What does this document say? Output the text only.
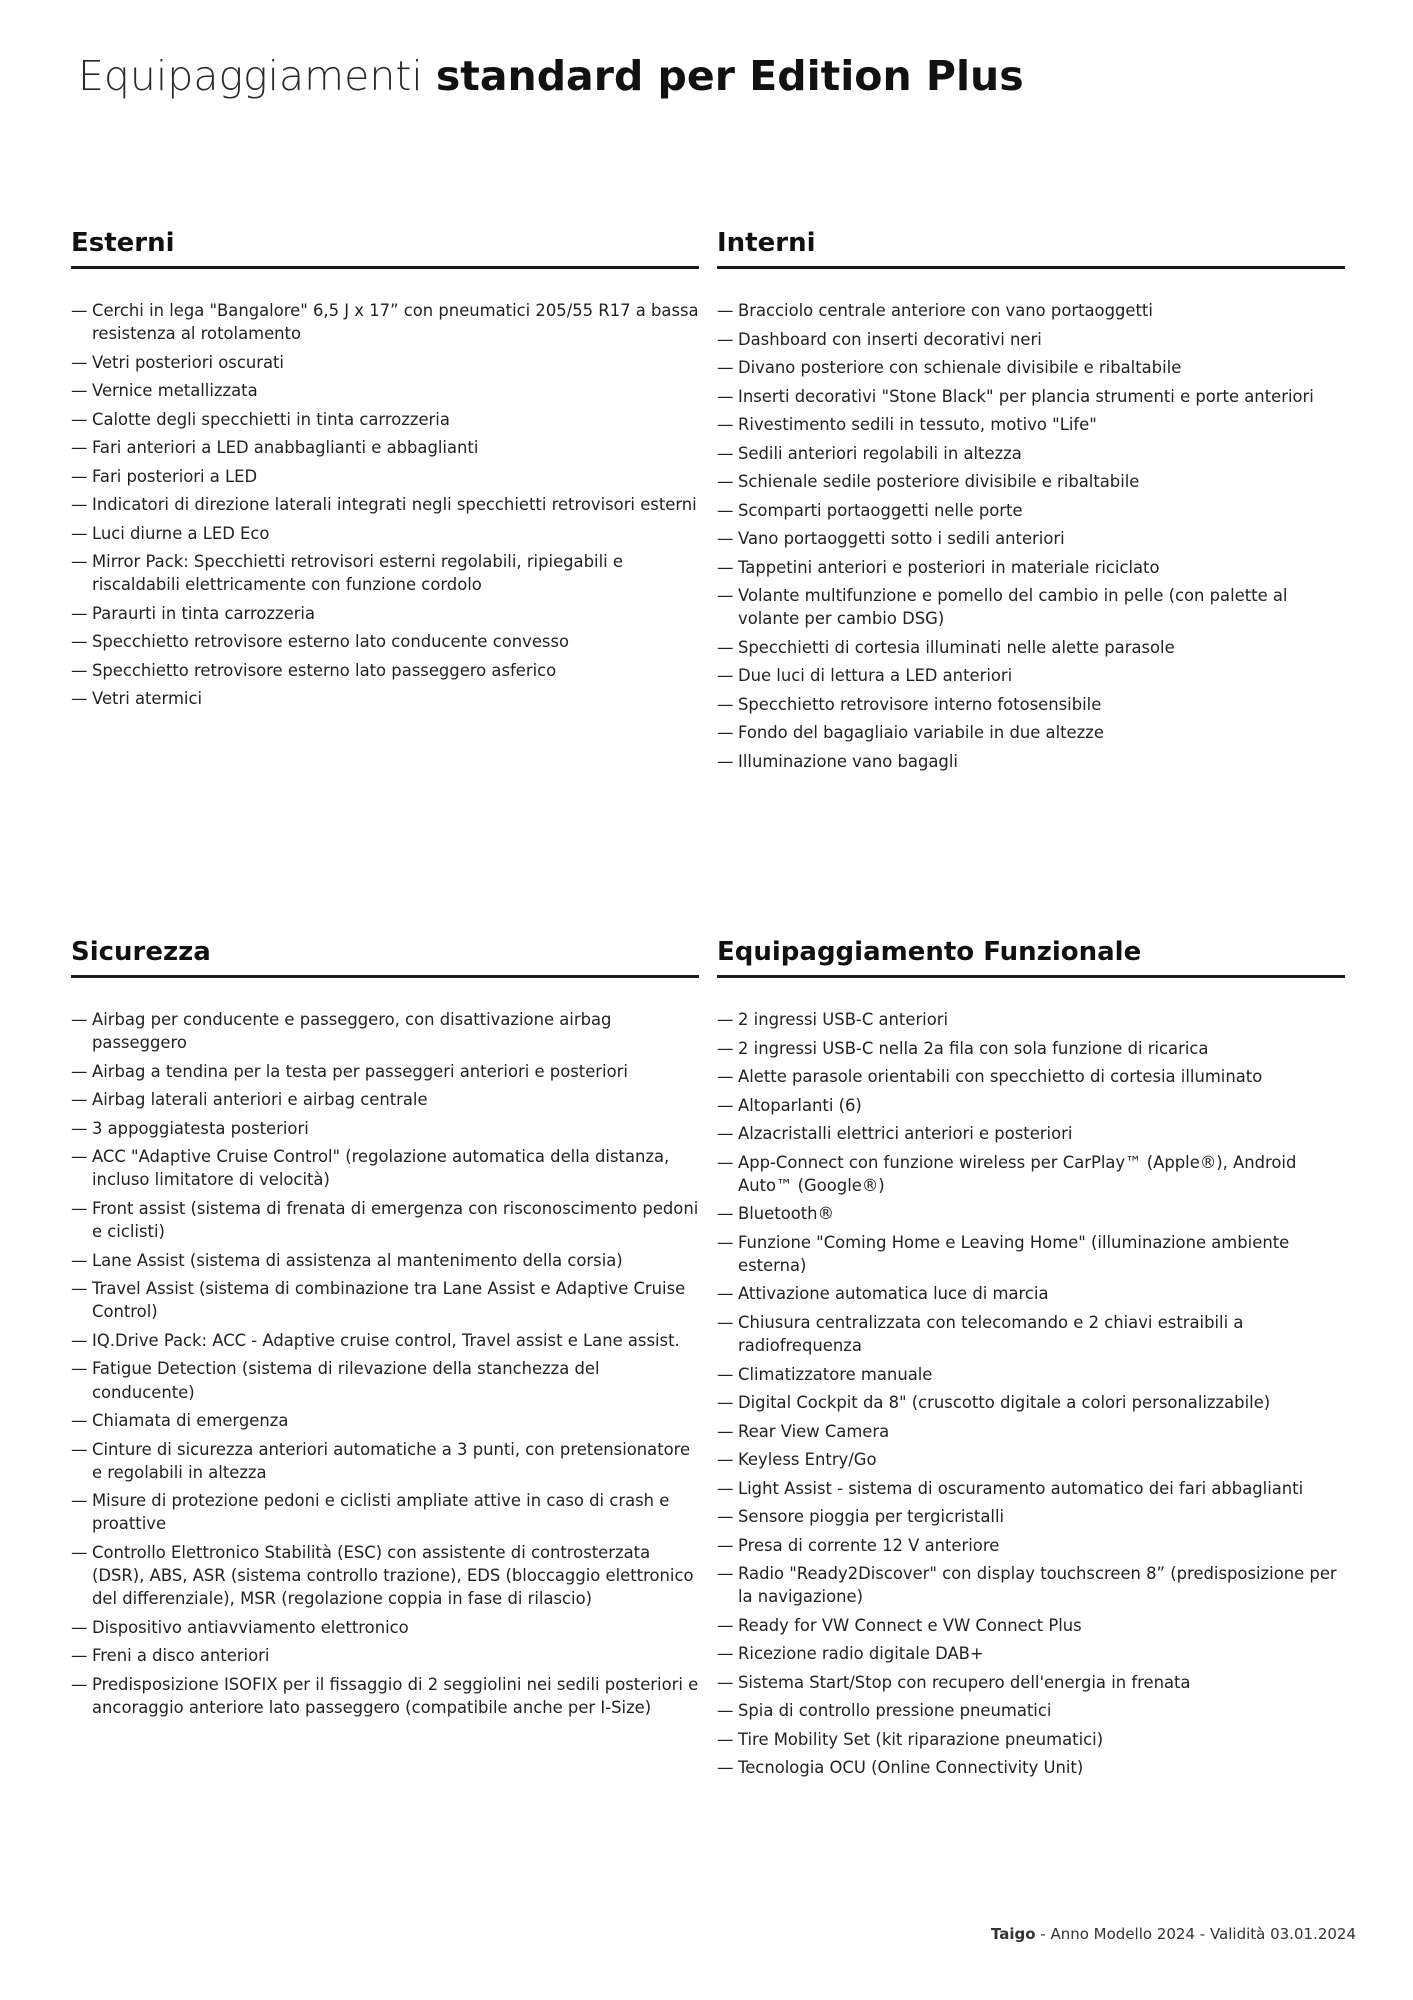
Equipaggiamenti standard per Edition Plus
Esterni
— Cerchi in lega "Bangalore" 6,5 J x 17” con pneumatici 205/55 R17 a bassa resistenza al rotolamento
— Vetri posteriori oscurati
— Vernice metallizzata
— Calotte degli specchietti in tinta carrozzeria
— Fari anteriori a LED anabbaglianti e abbaglianti
— Fari posteriori a LED
— Indicatori di direzione laterali integrati negli specchietti retrovisori esterni
— Luci diurne a LED Eco
— Mirror Pack: Specchietti retrovisori esterni regolabili, ripiegabili e riscaldabili elettricamente con funzione cordolo
— Paraurti in tinta carrozzeria
— Specchietto retrovisore esterno lato conducente convesso
— Specchietto retrovisore esterno lato passeggero asferico
— Vetri atermici
Interni
— Bracciolo centrale anteriore con vano portaoggetti
— Dashboard con inserti decorativi neri
— Divano posteriore con schienale divisibile e ribaltabile
— Inserti decorativi "Stone Black" per plancia strumenti e porte anteriori
— Rivestimento sedili in tessuto, motivo "Life"
— Sedili anteriori regolabili in altezza
— Schienale sedile posteriore divisibile e ribaltabile
— Scomparti portaoggetti nelle porte
— Vano portaoggetti sotto i sedili anteriori
— Tappetini anteriori e posteriori in materiale riciclato
— Volante multifunzione e pomello del cambio in pelle (con palette al volante per cambio DSG)
— Specchietti di cortesia illuminati nelle alette parasole
— Due luci di lettura a LED anteriori
— Specchietto retrovisore interno fotosensibile
— Fondo del bagagliaio variabile in due altezze
— Illuminazione vano bagagli
Sicurezza
— Airbag per conducente e passeggero, con disattivazione airbag passeggero
— Airbag a tendina per la testa per passeggeri anteriori e posteriori
— Airbag laterali anteriori e airbag centrale
— 3 appoggiatesta posteriori
— ACC "Adaptive Cruise Control" (regolazione automatica della distanza, incluso limitatore di velocità)
— Front assist (sistema di frenata di emergenza con risconoscimento pedoni e ciclisti)
— Lane Assist (sistema di assistenza al mantenimento della corsia)
— Travel Assist (sistema di combinazione tra Lane Assist e Adaptive Cruise Control)
— IQ.Drive Pack: ACC - Adaptive cruise control, Travel assist e Lane assist.
— Fatigue Detection (sistema di rilevazione della stanchezza del conducente)
— Chiamata di emergenza
— Cinture di sicurezza anteriori automatiche a 3 punti, con pretensionatore e regolabili in altezza
— Misure di protezione pedoni e ciclisti ampliate attive in caso di crash e proattive
— Controllo Elettronico Stabilità (ESC) con assistente di controsterzata (DSR), ABS, ASR (sistema controllo trazione), EDS (bloccaggio elettronico del differenziale), MSR (regolazione coppia in fase di rilascio)
— Dispositivo antiavviamento elettronico
— Freni a disco anteriori
— Predisposizione ISOFIX per il fissaggio di 2 seggiolini nei sedili posteriori e ancoraggio anteriore lato passeggero (compatibile anche per I-Size)
Equipaggiamento Funzionale
— 2 ingressi USB-C anteriori
— 2 ingressi USB-C nella 2a fila con sola funzione di ricarica
— Alette parasole orientabili con specchietto di cortesia illuminato
— Altoparlanti (6)
— Alzacristalli elettrici anteriori e posteriori
— App-Connect con funzione wireless per CarPlay™ (Apple®), Android Auto™ (Google®)
— Bluetooth®
— Funzione "Coming Home e Leaving Home" (illuminazione ambiente esterna)
— Attivazione automatica luce di marcia
— Chiusura centralizzata con telecomando e 2 chiavi estraibili a radiofrequenza
— Climatizzatore manuale
— Digital Cockpit da 8" (cruscotto digitale a colori personalizzabile)
— Rear View Camera
— Keyless Entry/Go
— Light Assist - sistema di oscuramento automatico dei fari abbaglianti
— Sensore pioggia per tergicristalli
— Presa di corrente 12 V anteriore
— Radio "Ready2Discover" con display touchscreen 8” (predisposizione per la navigazione)
— Ready for VW Connect e VW Connect Plus
— Ricezione radio digitale DAB+
— Sistema Start/Stop con recupero dell'energia in frenata
— Spia di controllo pressione pneumatici
— Tire Mobility Set (kit riparazione pneumatici)
— Tecnologia OCU (Online Connectivity Unit)
Taigo - Anno Modello 2024 - Validità 03.01.2024
